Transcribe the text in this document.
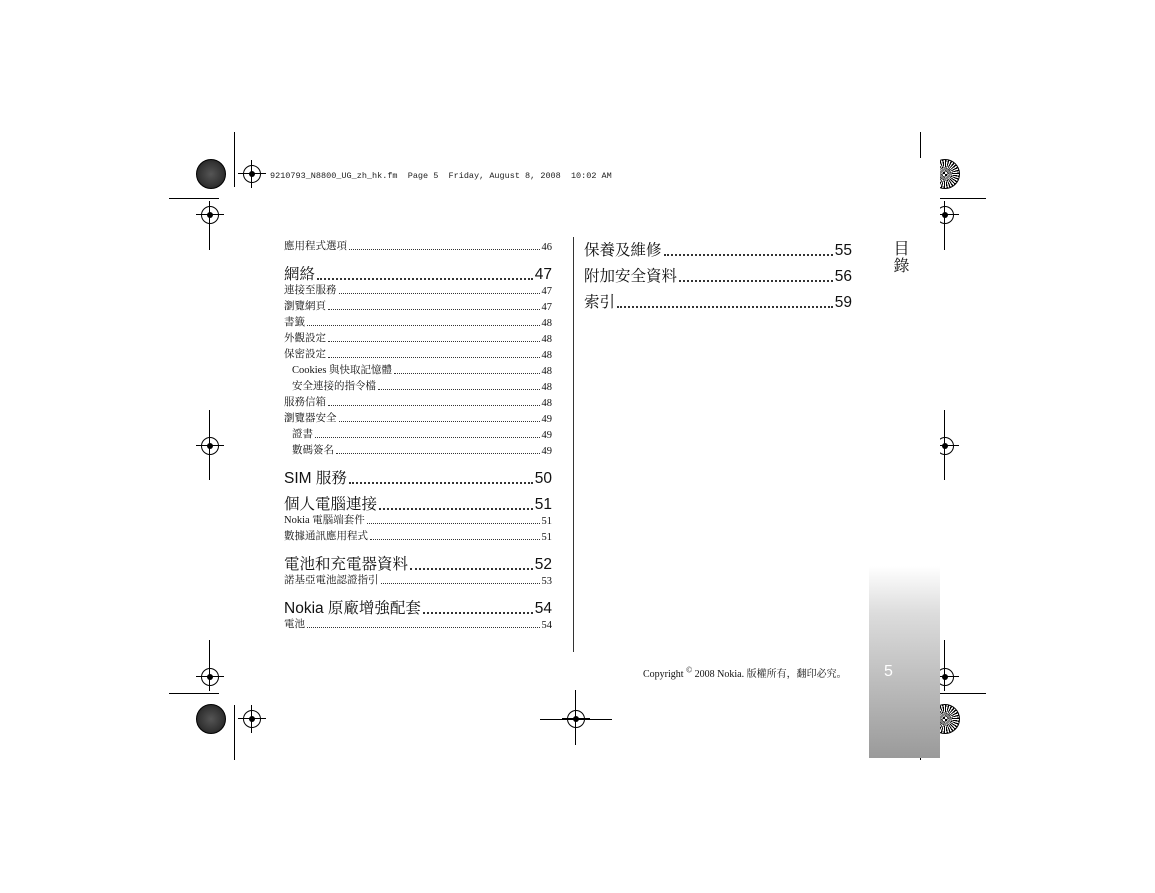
9210793_N8800_UG_zh_hk.fm  Page 5  Friday, August 8, 2008  10:02 AM
目錄
5
應用程式選項	46
網絡	47
連接至服務	47
瀏覽網頁	47
書籤	48
外觀設定	48
保密設定	48
Cookies 與快取記憶體	48
安全連接的指令檔	48
服務信箱	48
瀏覽器安全	49
證書	49
數碼簽名	49
SIM 服務	50
個人電腦連接	51
Nokia 電腦端套件	51
數據通訊應用程式	51
電池和充電器資料	52
諾基亞電池認證指引	53
Nokia 原廠增強配套	54
電池	54
保養及維修	55
附加安全資料	56
索引	59
Copyright © 2008 Nokia. 版權所有，翻印必究。
